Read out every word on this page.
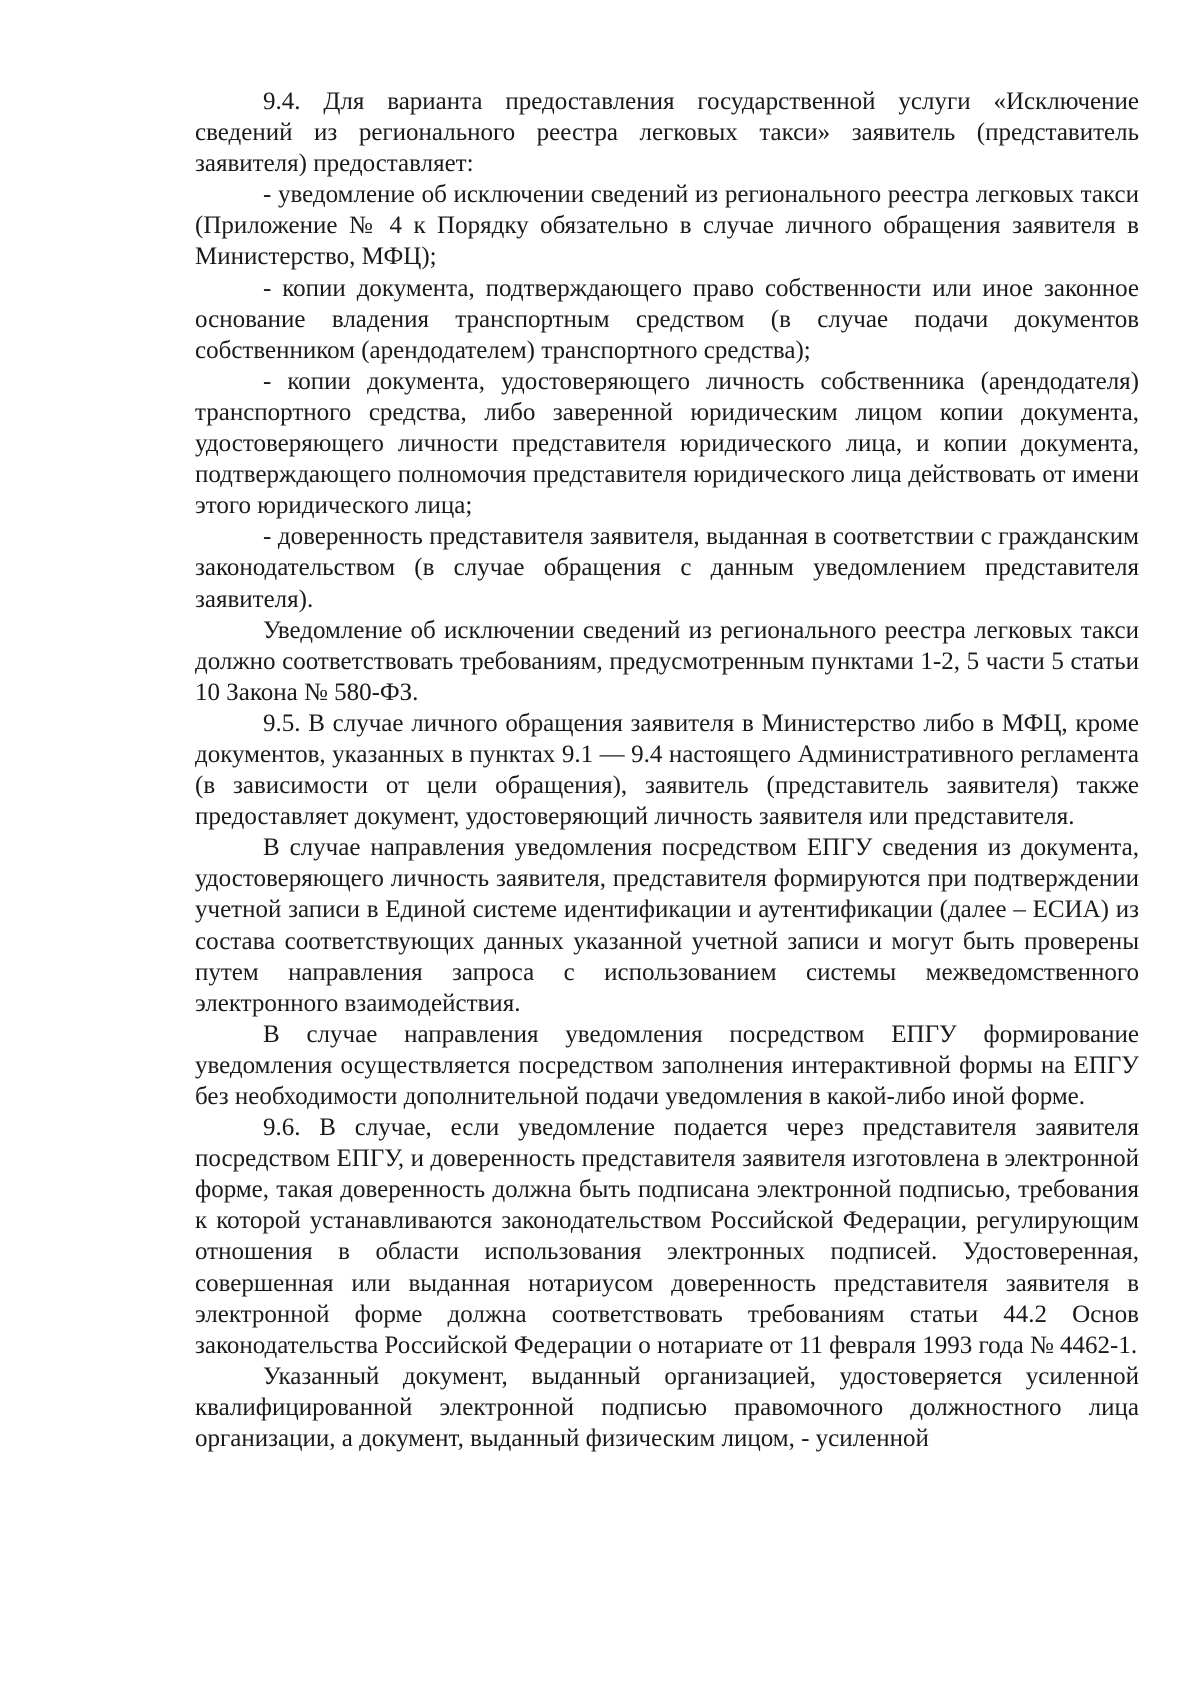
9.4. Для варианта предоставления государственной услуги «Исключение сведений из регионального реестра легковых такси» заявитель (представитель заявителя) предоставляет:

- уведомление об исключении сведений из регионального реестра легковых такси (Приложение № 4 к Порядку обязательно в случае личного обращения заявителя в Министерство, МФЦ);

- копии документа, подтверждающего право собственности или иное законное основание владения транспортным средством (в случае подачи документов собственником (арендодателем) транспортного средства);

- копии документа, удостоверяющего личность собственника (арендодателя) транспортного средства, либо заверенной юридическим лицом копии документа, удостоверяющего личности представителя юридического лица, и копии документа, подтверждающего полномочия представителя юридического лица действовать от имени этого юридического лица;

- доверенность представителя заявителя, выданная в соответствии с гражданским законодательством (в случае обращения с данным уведомлением представителя заявителя).

Уведомление об исключении сведений из регионального реестра легковых такси должно соответствовать требованиям, предусмотренным пунктами 1-2, 5 части 5 статьи 10 Закона № 580-ФЗ.

9.5. В случае личного обращения заявителя в Министерство либо в МФЦ, кроме документов, указанных в пунктах 9.1 — 9.4 настоящего Административного регламента (в зависимости от цели обращения), заявитель (представитель заявителя) также предоставляет документ, удостоверяющий личность заявителя или представителя.

В случае направления уведомления посредством ЕПГУ сведения из документа, удостоверяющего личность заявителя, представителя формируются при подтверждении учетной записи в Единой системе идентификации и аутентификации (далее – ЕСИА) из состава соответствующих данных указанной учетной записи и могут быть проверены путем направления запроса с использованием системы межведомственного электронного взаимодействия.

В случае направления уведомления посредством ЕПГУ формирование уведомления осуществляется посредством заполнения интерактивной формы на ЕПГУ без необходимости дополнительной подачи уведомления в какой-либо иной форме.

9.6. В случае, если уведомление подается через представителя заявителя посредством ЕПГУ, и доверенность представителя заявителя изготовлена в электронной форме, такая доверенность должна быть подписана электронной подписью, требования к которой устанавливаются законодательством Российской Федерации, регулирующим отношения в области использования электронных подписей. Удостоверенная, совершенная или выданная нотариусом доверенность представителя заявителя в электронной форме должна соответствовать требованиям статьи 44.2 Основ законодательства Российской Федерации о нотариате от 11 февраля 1993 года № 4462-1.

Указанный документ, выданный организацией, удостоверяется усиленной квалифицированной электронной подписью правомочного должностного лица организации, а документ, выданный физическим лицом, - усиленной
